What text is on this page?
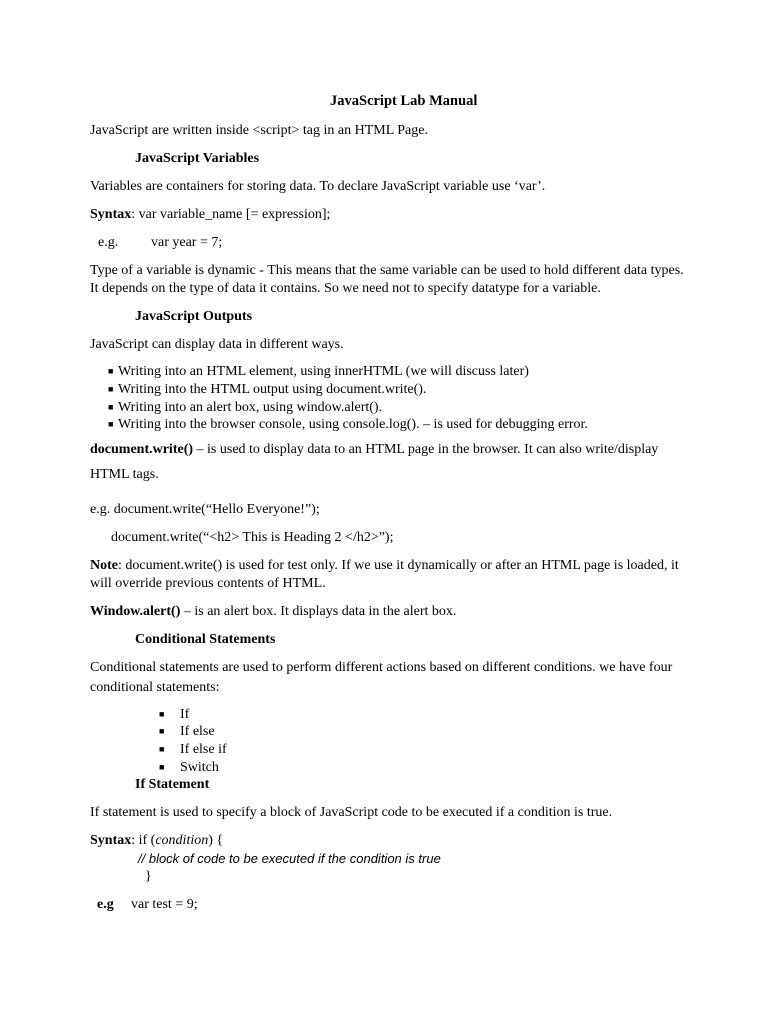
JavaScript Lab Manual
JavaScript are written inside <script> tag in an HTML Page.
JavaScript Variables
Variables are containers for storing data. To declare JavaScript variable use ‘var’.
Syntax: var variable_name [= expression];
e.g. var year = 7;
Type of a variable is dynamic - This means that the same variable can be used to hold different data types.
It depends on the type of data it contains. So we need not to specify datatype for a variable.
JavaScript Outputs
JavaScript can display data in different ways.
■ Writing into an HTML element, using innerHTML (we will discuss later)
■ Writing into the HTML output using document.write().
■ Writing into an alert box, using window.alert().
■ Writing into the browser console, using console.log(). – is used for debugging error.
document.write() – is used to display data to an HTML page in the browser. It can also write/display
HTML tags.
e.g. document.write(“Hello Everyone!”);
document.write(“<h2> This is Heading 2 </h2>”);
Note: document.write() is used for test only. If we use it dynamically or after an HTML page is loaded, it
will override previous contents of HTML.
Window.alert() – is an alert box. It displays data in the alert box.
Conditional Statements
Conditional statements are used to perform different actions based on different conditions. we have four
conditional statements:
■ If
■ If else
■ If else if
■ Switch
If Statement
If statement is used to specify a block of JavaScript code to be executed if a condition is true.
Syntax: if (condition) {
// block of code to be executed if the condition is true
}
e.g var test = 9;
